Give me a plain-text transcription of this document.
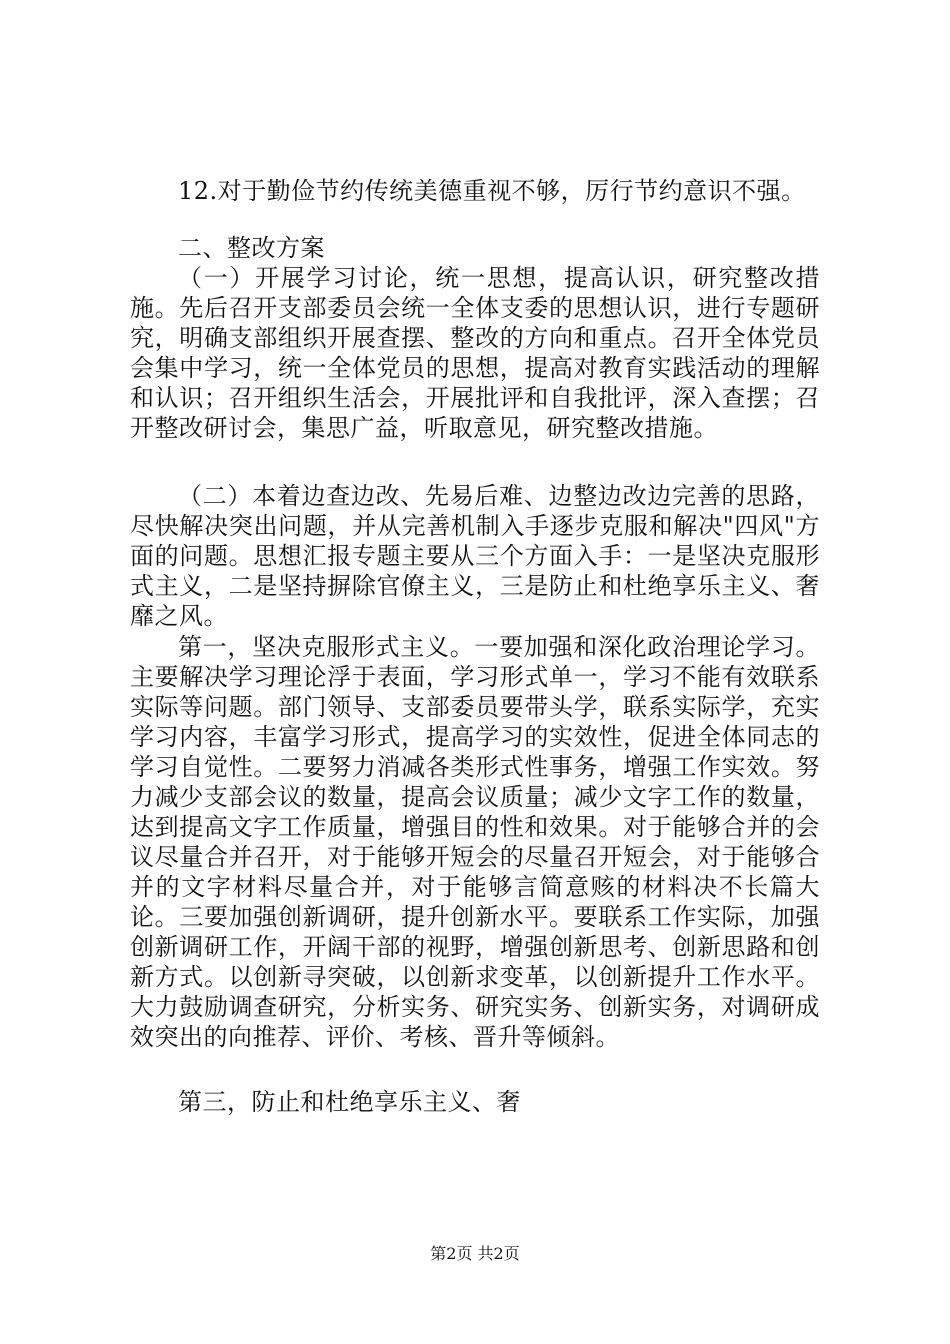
12.对于勤俭节约传统美德重视不够，厉行节约意识不强。

二、整改方案

（一）开展学习讨论，统一思想，提高认识，研究整改措施。先后召开支部委员会统一全体支委的思想认识，进行专题研究，明确支部组织开展查摆、整改的方向和重点。召开全体党员会集中学习，统一全体党员的思想，提高对教育实践活动的理解和认识；召开组织生活会，开展批评和自我批评，深入查摆；召开整改研讨会，集思广益，听取意见，研究整改措施。

（二）本着边查边改、先易后难、边整边改边完善的思路，尽快解决突出问题，并从完善机制入手逐步克服和解决"四风"方面的问题。思想汇报专题主要从三个方面入手：一是坚决克服形式主义，二是坚持摒除官僚主义，三是防止和杜绝享乐主义、奢靡之风。

第一，坚决克服形式主义。一要加强和深化政治理论学习。主要解决学习理论浮于表面，学习形式单一，学习不能有效联系实际等问题。部门领导、支部委员要带头学，联系实际学，充实学习内容，丰富学习形式，提高学习的实效性，促进全体同志的学习自觉性。二要努力消减各类形式性事务，增强工作实效。努力减少支部会议的数量，提高会议质量；减少文字工作的数量，达到提高文字工作质量，增强目的性和效果。对于能够合并的会议尽量合并召开，对于能够开短会的尽量召开短会，对于能够合并的文字材料尽量合并，对于能够言简意赅的材料决不长篇大论。三要加强创新调研，提升创新水平。要联系工作实际，加强创新调研工作，开阔干部的视野，增强创新思考、创新思路和创新方式。以创新寻突破，以创新求变革，以创新提升工作水平。大力鼓励调查研究，分析实务、研究实务、创新实务，对调研成效突出的向推荐、评价、考核、晋升等倾斜。

第三，防止和杜绝享乐主义、奢

第2页 共2页
